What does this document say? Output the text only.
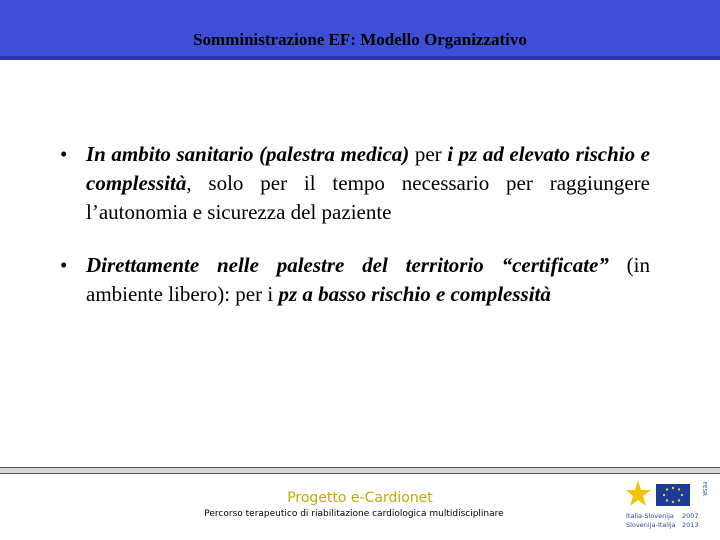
Somministrazione EF: Modello Organizzativo
• In ambito sanitario (palestra medica) per i pz ad elevato rischio e complessità, solo per il tempo necessario per raggiungere l’autonomia e sicurezza del paziente
• Direttamente nelle palestre del territorio “certificate” (in ambiente libero): per i pz a basso rischio e complessità
Progetto e-Cardionet
Percorso terapeutico di riabilitazione cardiologica multidisciplinare
FESR
Italia-Slovenija 2007
Slovenija-Italija 2013
